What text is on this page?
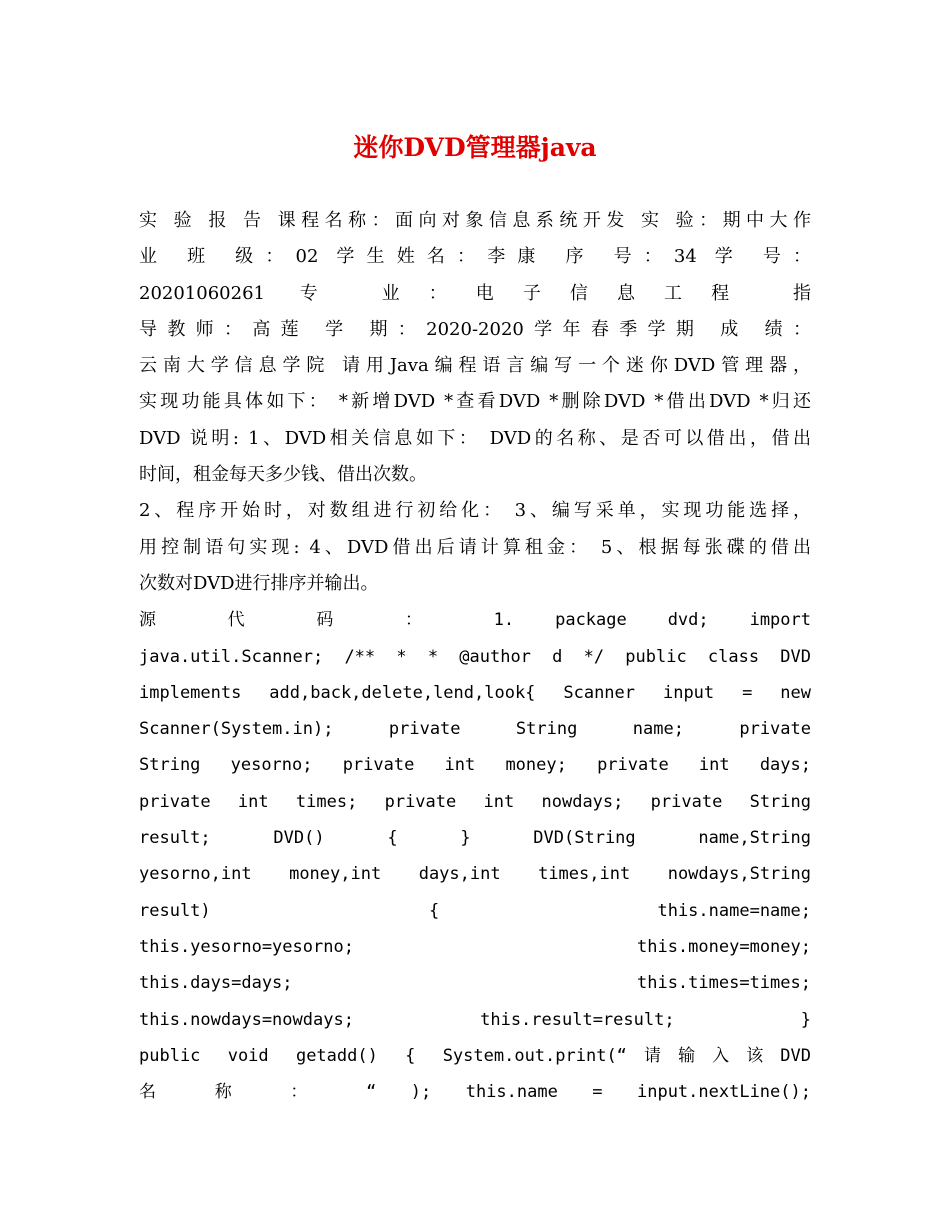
迷你DVD管理器java
实 验 报 告 课程名称：面向对象信息系统开发 实 验：期中大作
业 班 级：02 学生姓名：李康 序 号：34 学 号：
20201060261 专 业：电子信息工程 指
导教师：高莲 学 期：2020-2020学年春季学期 成 绩：
云南大学信息学院 请用Java编程语言编写一个迷你DVD管理器，
实现功能具体如下： *新增DVD *查看DVD *删除DVD *借出DVD *归还
DVD 说明: 1、DVD相关信息如下： DVD的名称、是否可以借出，借出
时间，租金每天多少钱、借出次数。
2、程序开始时，对数组进行初给化： 3、编写采单，实现功能选择，
用控制语句实现: 4、DVD借出后请计算租金： 5、根据每张碟的借出
次数对DVD进行排序并输出。
源 代 码 ： 1. package dvd; import
java.util.Scanner; /** * * @author d */ public class DVD
implements add,back,delete,lend,look{ Scanner input = new
Scanner(System.in); private String name; private
String yesorno; private int money; private int days;
private int times; private int nowdays; private String
result; DVD() { } DVD(String name,String
yesorno,int money,int days,int times,int nowdays,String
result) { this.name=name;
this.yesorno=yesorno; this.money=money;
this.days=days; this.times=times;
this.nowdays=nowdays; this.result=result; }
public void getadd() { System.out.print(“请输入该DVD
名 称 ： “ ); this.name = input.nextLine();
